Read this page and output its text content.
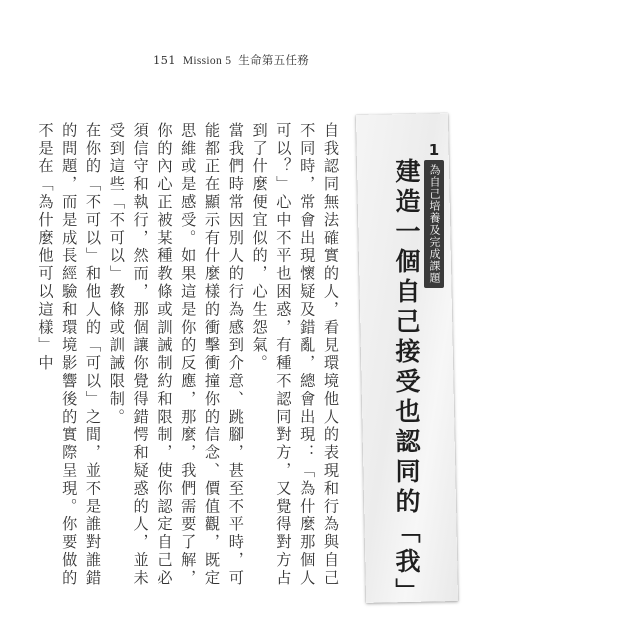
151 Mission 5 生命第五任務
1
為自己培養及完成課題
建造一個自己接受也認同的「我」

自我認同無法確實的人，看見環境他人的表現和行為與自己不同時，常會出現懷疑及錯亂，總會出現：「為什麼那個人可以？」心中不平也困惑，有種不認同對方，又覺得對方占到了什麼便宜似的，心生怨氣。

當我們時常因別人的行為感到介意、跳腳，甚至不平時，可能都正在顯示有什麼樣的衝擊衝撞你的信念、價值觀，既定思維或是感受。如果這是你的反應，那麼，我們需要了解，你的內心正被某種教條或訓誡制約和限制，使你認定自己必須信守和執行，然而，那個讓你覺得錯愕和疑惑的人，並未受到這些「不可以」教條或訓誡限制。

在你的「不可以」和他人的「可以」之間，並不是誰對誰錯的問題，而是成長經驗和環境影響後的實際呈現。你要做的不是在「為什麼他可以這樣」中
